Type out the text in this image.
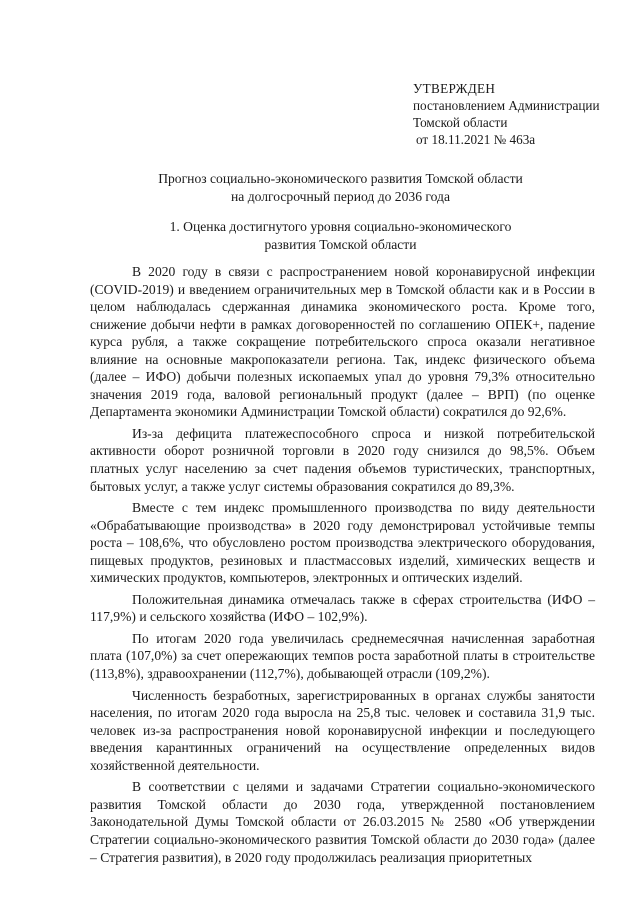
УТВЕРЖДЕН
постановлением Администрации
Томской области
от 18.11.2021 № 463а
Прогноз социально-экономического развития Томской области
на долгосрочный период до 2036 года
1. Оценка достигнутого уровня социально-экономического
развития Томской области

В 2020 году в связи с распространением новой коронавирусной инфекции (COVID-2019) и введением ограничительных мер в Томской области как и в России в целом наблюдалась сдержанная динамика экономического роста. Кроме того, снижение добычи нефти в рамках договоренностей по соглашению ОПЕК+, падение курса рубля, а также сокращение потребительского спроса оказали негативное влияние на основные макропоказатели региона. Так, индекс физического объема (далее – ИФО) добычи полезных ископаемых упал до уровня 79,3% относительно значения 2019 года, валовой региональный продукт (далее – ВРП) (по оценке Департамента экономики Администрации Томской области) сократился до 92,6%.

Из-за дефицита платежеспособного спроса и низкой потребительской активности оборот розничной торговли в 2020 году снизился до 98,5%. Объем платных услуг населению за счет падения объемов туристических, транспортных, бытовых услуг, а также услуг системы образования сократился до 89,3%.

Вместе с тем индекс промышленного производства по виду деятельности «Обрабатывающие производства» в 2020 году демонстрировал устойчивые темпы роста – 108,6%, что обусловлено ростом производства электрического оборудования, пищевых продуктов, резиновых и пластмассовых изделий, химических веществ и химических продуктов, компьютеров, электронных и оптических изделий.

Положительная динамика отмечалась также в сферах строительства (ИФО – 117,9%) и сельского хозяйства (ИФО – 102,9%).

По итогам 2020 года увеличилась среднемесячная начисленная заработная плата (107,0%) за счет опережающих темпов роста заработной платы в строительстве (113,8%), здравоохранении (112,7%), добывающей отрасли (109,2%).

Численность безработных, зарегистрированных в органах службы занятости населения, по итогам 2020 года выросла на 25,8 тыс. человек и составила 31,9 тыс. человек из-за распространения новой коронавирусной инфекции и последующего введения карантинных ограничений на осуществление определенных видов хозяйственной деятельности.

В соответствии с целями и задачами Стратегии социально-экономического развития Томской области до 2030 года, утвержденной постановлением Законодательной Думы Томской области от 26.03.2015 № 2580 «Об утверждении Стратегии социально-экономического развития Томской области до 2030 года» (далее – Стратегия развития), в 2020 году продолжилась реализация приоритетных
